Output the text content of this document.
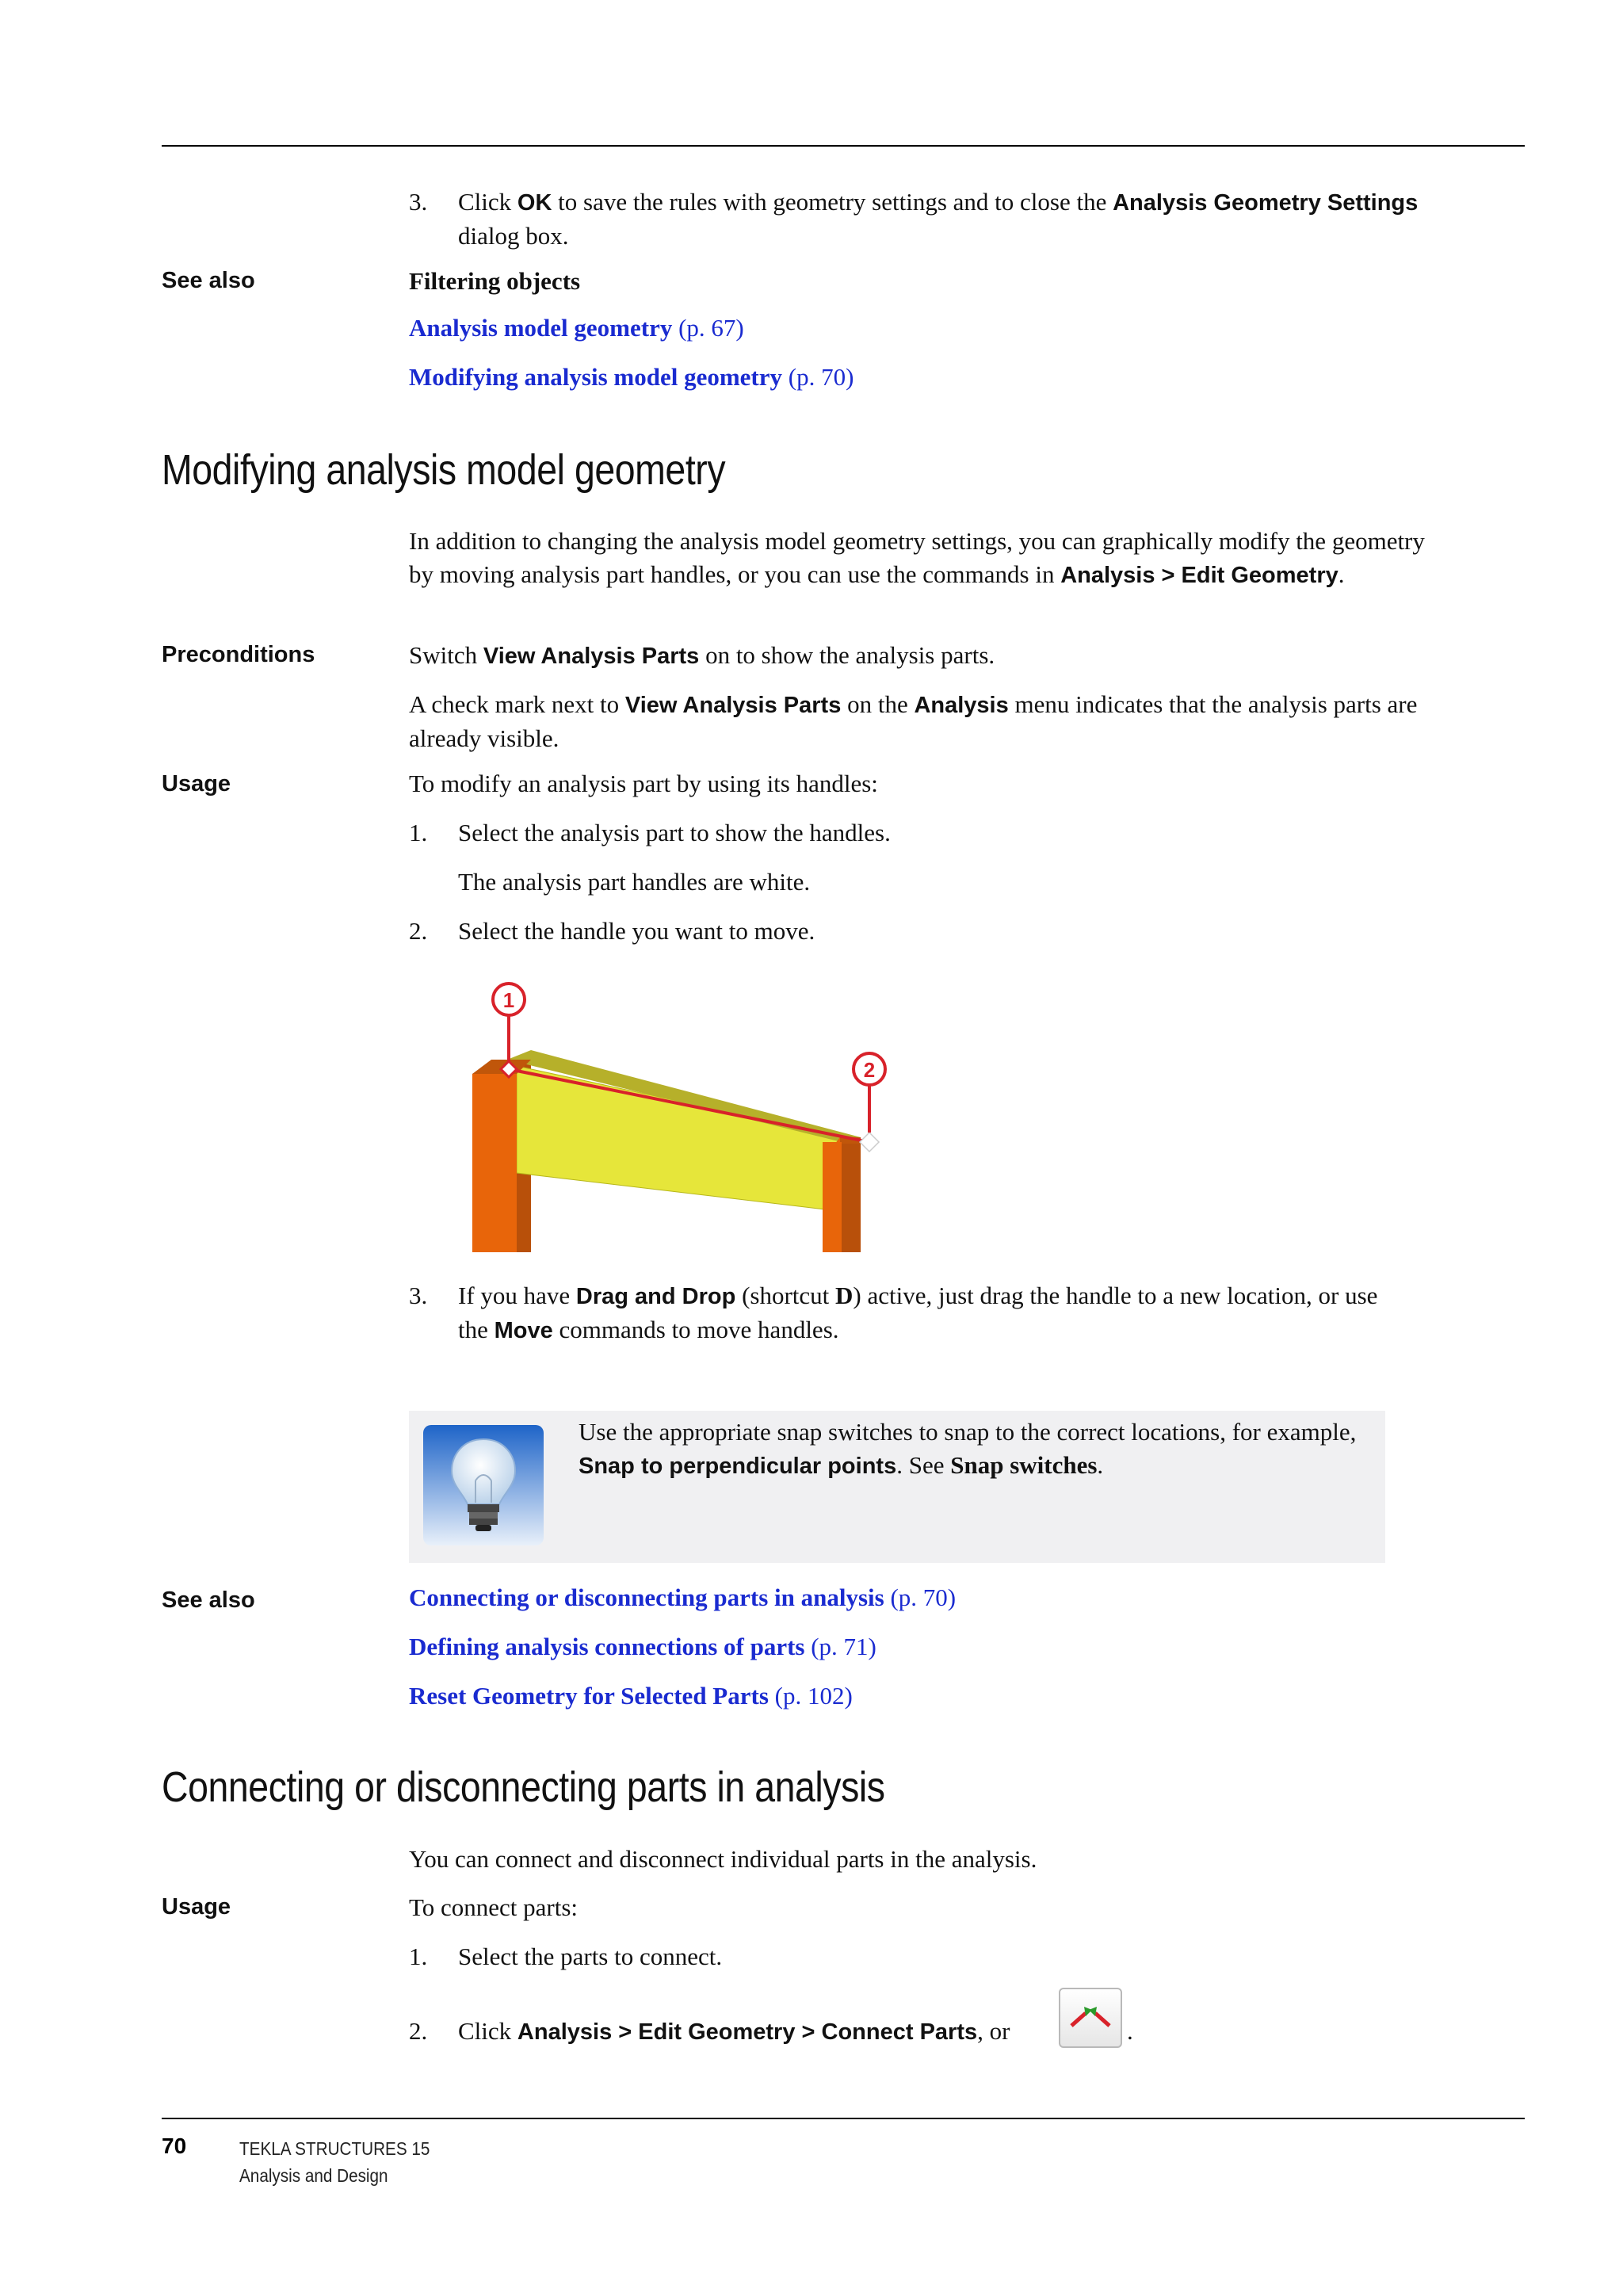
3. Click OK to save the rules with geometry settings and to close the Analysis Geometry Settings dialog box.
See also	Filtering objects
Analysis model geometry (p. 67)
Modifying analysis model geometry (p. 70)
Modifying analysis model geometry
In addition to changing the analysis model geometry settings, you can graphically modify the geometry by moving analysis part handles, or you can use the commands in Analysis > Edit Geometry.
Preconditions	Switch View Analysis Parts on to show the analysis parts.
A check mark next to View Analysis Parts on the Analysis menu indicates that the analysis parts are already visible.
Usage	To modify an analysis part by using its handles:
1. Select the analysis part to show the handles.
The analysis part handles are white.
2. Select the handle you want to move.
1
2
3. If you have Drag and Drop (shortcut D) active, just drag the handle to a new location, or use the Move commands to move handles.
Use the appropriate snap switches to snap to the correct locations, for example, Snap to perpendicular points. See Snap switches.
See also	Connecting or disconnecting parts in analysis (p. 70)
Defining analysis connections of parts (p. 71)
Reset Geometry for Selected Parts (p. 102)
Connecting or disconnecting parts in analysis
You can connect and disconnect individual parts in the analysis.
Usage	To connect parts:
1. Select the parts to connect.
2. Click Analysis > Edit Geometry > Connect Parts, or	.
70	TEKLA STRUCTURES 15
Analysis and Design
